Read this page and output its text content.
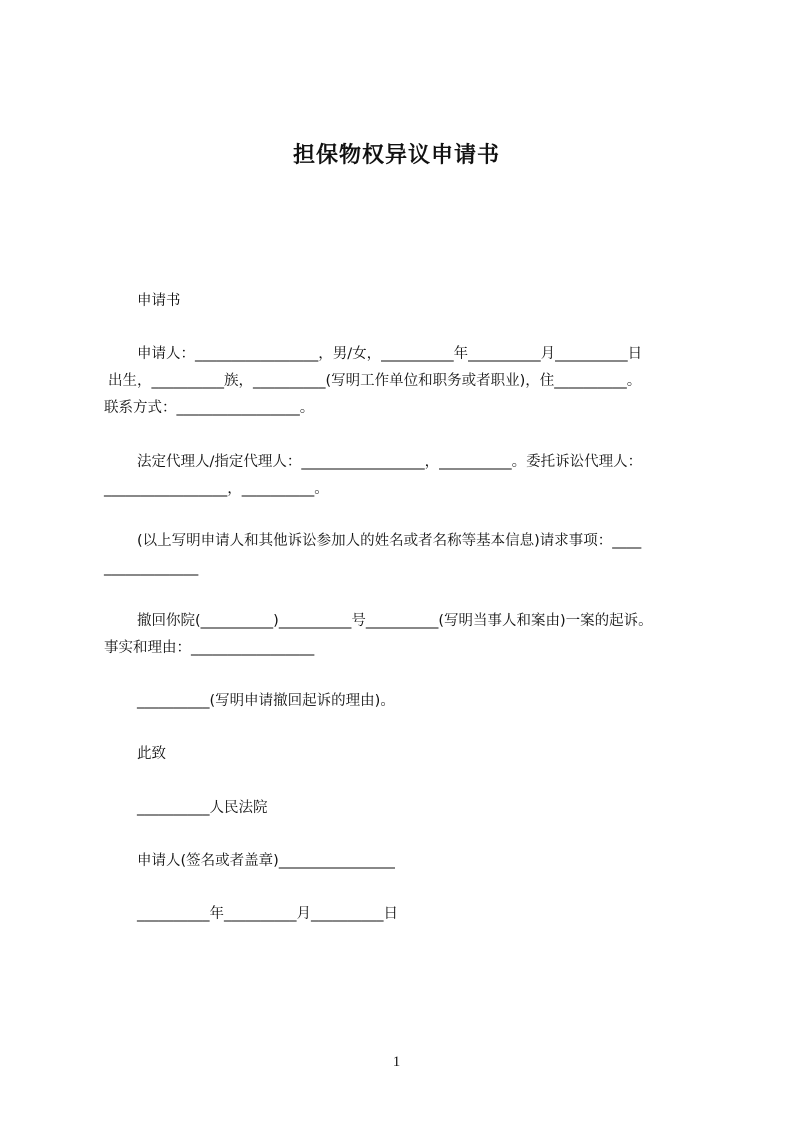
担保物权异议申请书
申请书
申请人：_________________，男/女，__________年__________月__________日
出生，__________族，__________(写明工作单位和职务或者职业)，住__________。
联系方式：_________________。
法定代理人/指定代理人：_________________，__________。委托诉讼代理人：
_________________，__________。
(以上写明申请人和其他诉讼参加人的姓名或者名称等基本信息)请求事项：____
_____________
撤回你院(__________)__________号__________(写明当事人和案由)一案的起诉。
事实和理由：_________________
__________(写明申请撤回起诉的理由)。
此致
__________人民法院
申请人(签名或者盖章)________________
__________年__________月__________日
1
